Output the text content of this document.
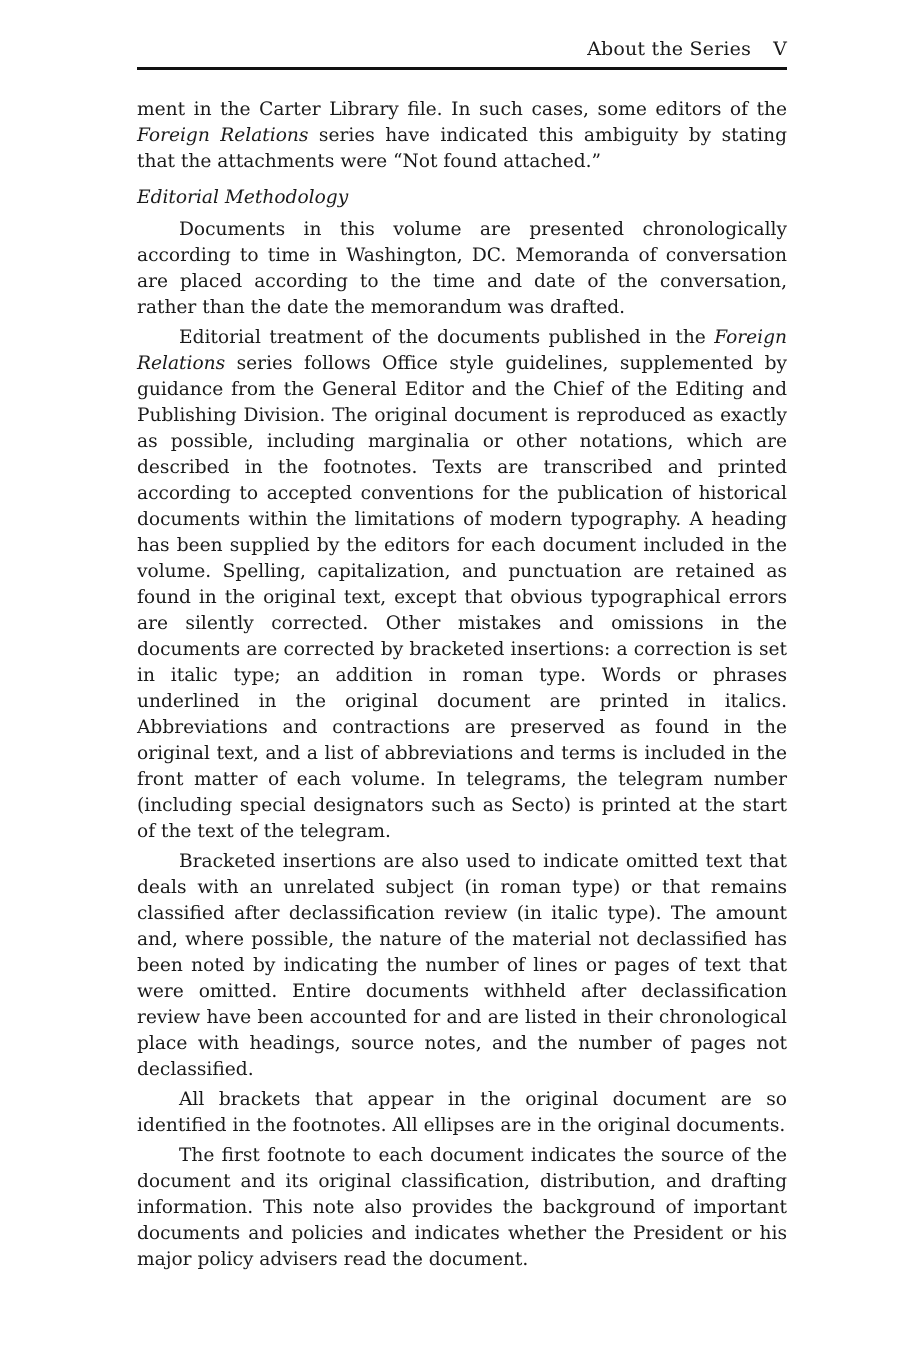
About the Series V

ment in the Carter Library file. In such cases, some editors of the Foreign Relations series have indicated this ambiguity by stating that the attachments were “Not found attached.”

Editorial Methodology

Documents in this volume are presented chronologically according to time in Washington, DC. Memoranda of conversation are placed according to the time and date of the conversation, rather than the date the memorandum was drafted.

Editorial treatment of the documents published in the Foreign Relations series follows Office style guidelines, supplemented by guidance from the General Editor and the Chief of the Editing and Publishing Division. The original document is reproduced as exactly as possible, including marginalia or other notations, which are described in the footnotes. Texts are transcribed and printed according to accepted conventions for the publication of historical documents within the limitations of modern typography. A heading has been supplied by the editors for each document included in the volume. Spelling, capitalization, and punctuation are retained as found in the original text, except that obvious typographical errors are silently corrected. Other mistakes and omissions in the documents are corrected by bracketed insertions: a correction is set in italic type; an addition in roman type. Words or phrases underlined in the original document are printed in italics. Abbreviations and contractions are preserved as found in the original text, and a list of abbreviations and terms is included in the front matter of each volume. In telegrams, the telegram number (including special designators such as Secto) is printed at the start of the text of the telegram.

Bracketed insertions are also used to indicate omitted text that deals with an unrelated subject (in roman type) or that remains classified after declassification review (in italic type). The amount and, where possible, the nature of the material not declassified has been noted by indicating the number of lines or pages of text that were omitted. Entire documents withheld after declassification review have been accounted for and are listed in their chronological place with headings, source notes, and the number of pages not declassified.

All brackets that appear in the original document are so identified in the footnotes. All ellipses are in the original documents.

The first footnote to each document indicates the source of the document and its original classification, distribution, and drafting information. This note also provides the background of important documents and policies and indicates whether the President or his major policy advisers read the document.
